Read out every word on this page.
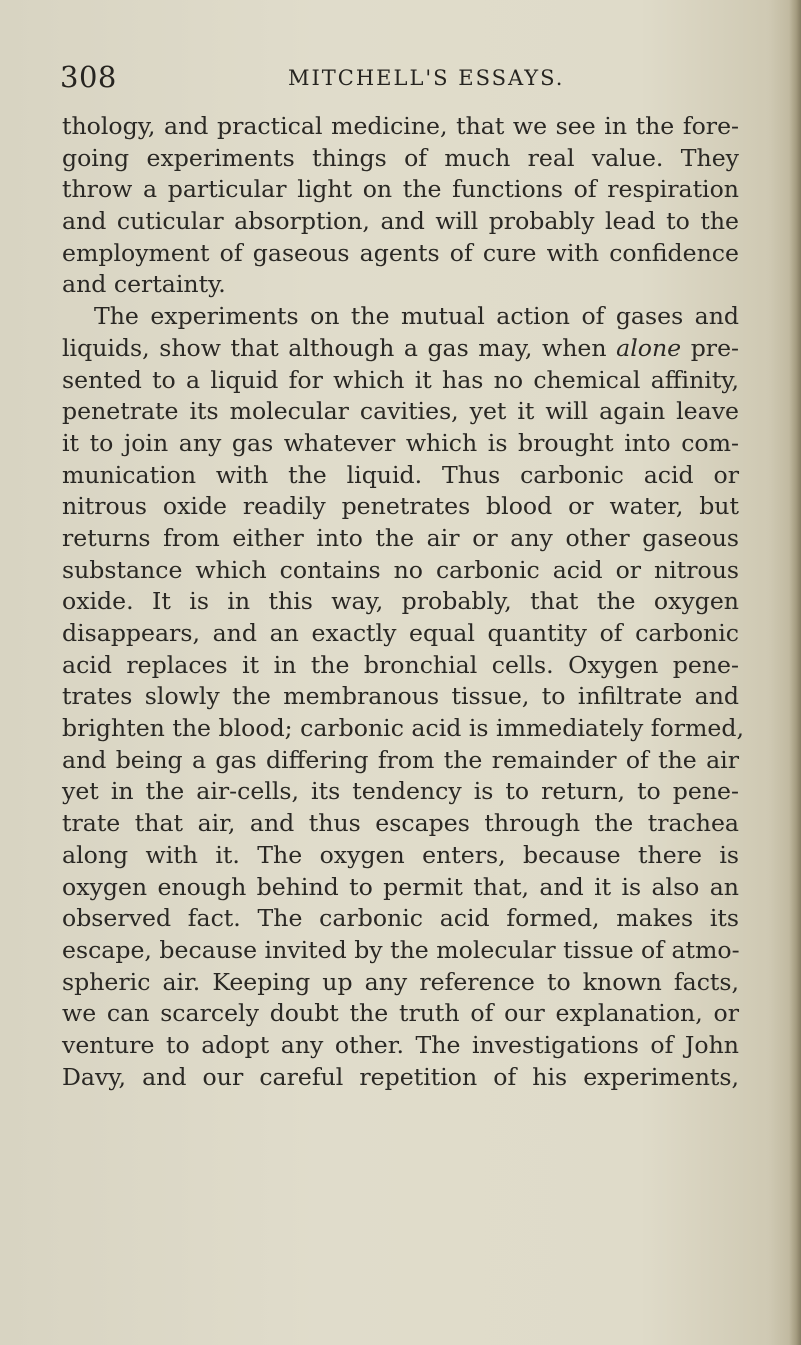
308	MITCHELL'S ESSAYS.
thology, and practical medicine, that we see in the fore-
going experiments things of much real value. They
throw a particular light on the functions of respiration
and cuticular absorption, and will probably lead to the
employment of gaseous agents of cure with confidence
and certainty.
The experiments on the mutual action of gases and
liquids, show that although a gas may, when alone pre-
sented to a liquid for which it has no chemical affinity,
penetrate its molecular cavities, yet it will again leave
it to join any gas whatever which is brought into com-
munication with the liquid. Thus carbonic acid or
nitrous oxide readily penetrates blood or water, but
returns from either into the air or any other gaseous
substance which contains no carbonic acid or nitrous
oxide. It is in this way, probably, that the oxygen
disappears, and an exactly equal quantity of carbonic
acid replaces it in the bronchial cells. Oxygen pene-
trates slowly the membranous tissue, to infiltrate and
brighten the blood; carbonic acid is immediately formed,
and being a gas differing from the remainder of the air
yet in the air-cells, its tendency is to return, to pene-
trate that air, and thus escapes through the trachea
along with it. The oxygen enters, because there is
oxygen enough behind to permit that, and it is also an
observed fact. The carbonic acid formed, makes its
escape, because invited by the molecular tissue of atmo-
spheric air. Keeping up any reference to known facts,
we can scarcely doubt the truth of our explanation, or
venture to adopt any other. The investigations of John
Davy, and our careful repetition of his experiments,
